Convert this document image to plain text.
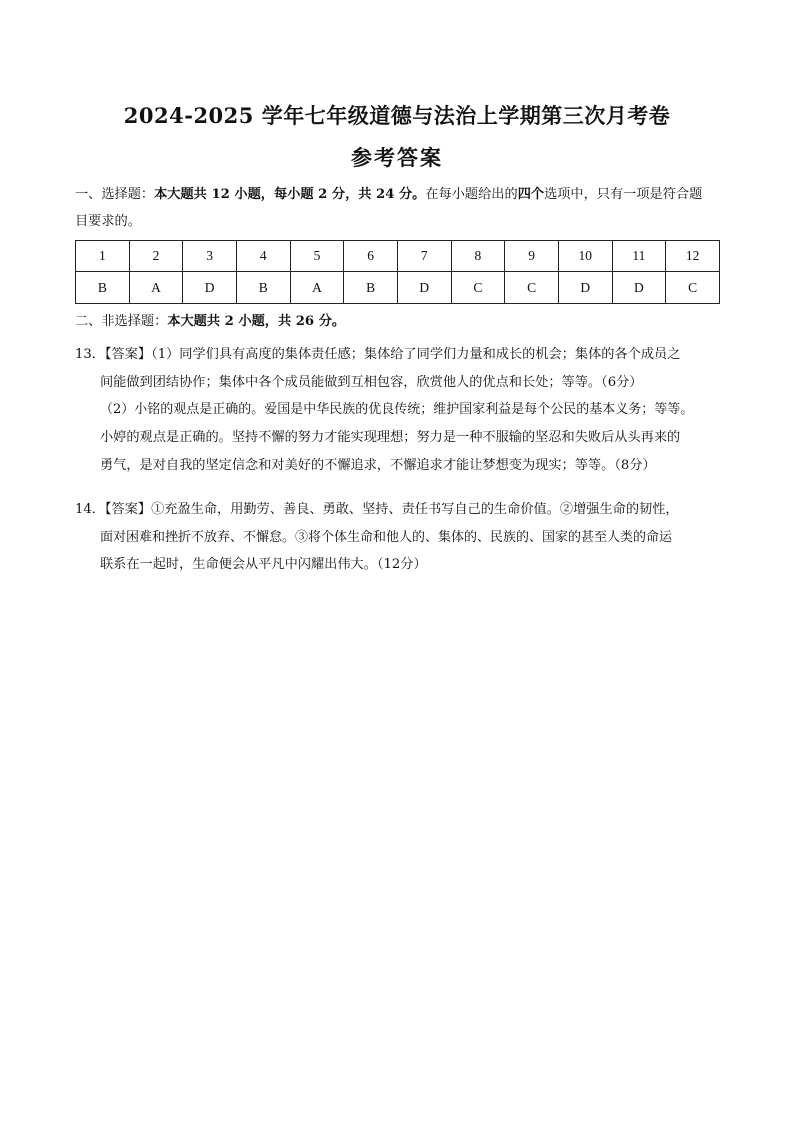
2024-2025 学年七年级道德与法治上学期第三次月考卷
参考答案
一、选择题：本大题共 12 小题，每小题 2 分，共 24 分。在每小题给出的四个选项中，只有一项是符合题
目要求的。
1	2	3	4	5	6	7	8	9	10	11	12
B	A	D	B	A	B	D	C	C	D	D	C
二、非选择题：本大题共 2 小题，共 26 分。
13．【答案】（1）同学们具有高度的集体责任感；集体给了同学们力量和成长的机会；集体的各个成员之
间能做到团结协作；集体中各个成员能做到互相包容，欣赏他人的优点和长处；等等。（6分）
（2）小铭的观点是正确的。爱国是中华民族的优良传统；维护国家利益是每个公民的基本义务；等等。
小婷的观点是正确的。坚持不懈的努力才能实现理想；努力是一种不服输的坚忍和失败后从头再来的
勇气，是对自我的坚定信念和对美好的不懈追求，不懈追求才能让梦想变为现实；等等。（8分）
14．【答案】①充盈生命，用勤劳、善良、勇敢、坚持、责任书写自己的生命价值。②增强生命的韧性，
面对困难和挫折不放弃、不懈怠。③将个体生命和他人的、集体的、民族的、国家的甚至人类的命运
联系在一起时，生命便会从平凡中闪耀出伟大。（12分）
